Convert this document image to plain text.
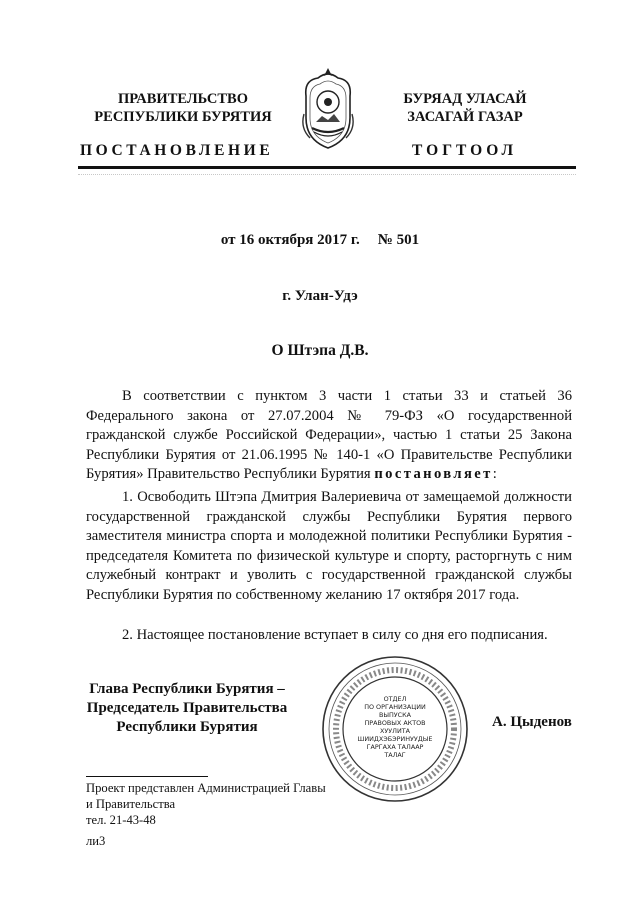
ПРАВИТЕЛЬСТВО
РЕСПУБЛИКИ БУРЯТИЯ
БУРЯАД УЛАСАЙ
ЗАСАГАЙ ГАЗАР
ПОСТАНОВЛЕНИЕ	ТОГТООЛ
от 16 октября 2017 г. № 501
г. Улан-Удэ
О Штэпа Д.В.

В соответствии с пунктом 3 части 1 статьи 33 и статьей 36 Федерального закона от 27.07.2004 № 79-ФЗ «О государственной гражданской службе Российской Федерации», частью 1 статьи 25 Закона Республики Бурятия от 21.06.1995 № 140-1 «О Правительстве Республики Бурятия» Правительство Республики Бурятия постановляет:

1. Освободить Штэпа Дмитрия Валериевича от замещаемой должности государственной гражданской службы Республики Бурятия первого заместителя министра спорта и молодежной политики Республики Бурятия - председателя Комитета по физической культуре и спорту, расторгнуть с ним служебный контракт и уволить с государственной гражданской службы Республики Бурятия по собственному желанию 17 октября 2017 года.

2. Настоящее постановление вступает в силу со дня его подписания.

Глава Республики Бурятия –
Председатель Правительства
Республики Бурятия
ОТДЕЛ
ПО ОРГАНИЗАЦИИ
ВЫПУСКА
ПРАВОВЫХ АКТОВ
ХУУЛИТА
ШИИДХЭБЭРИНУУДЫЕ
ГАРГАХА ТАЛААР
ТАЛАГ
А. Цыденов
Проект представлен Администрацией Главы
и Правительства
тел. 21-43-48
ли3
